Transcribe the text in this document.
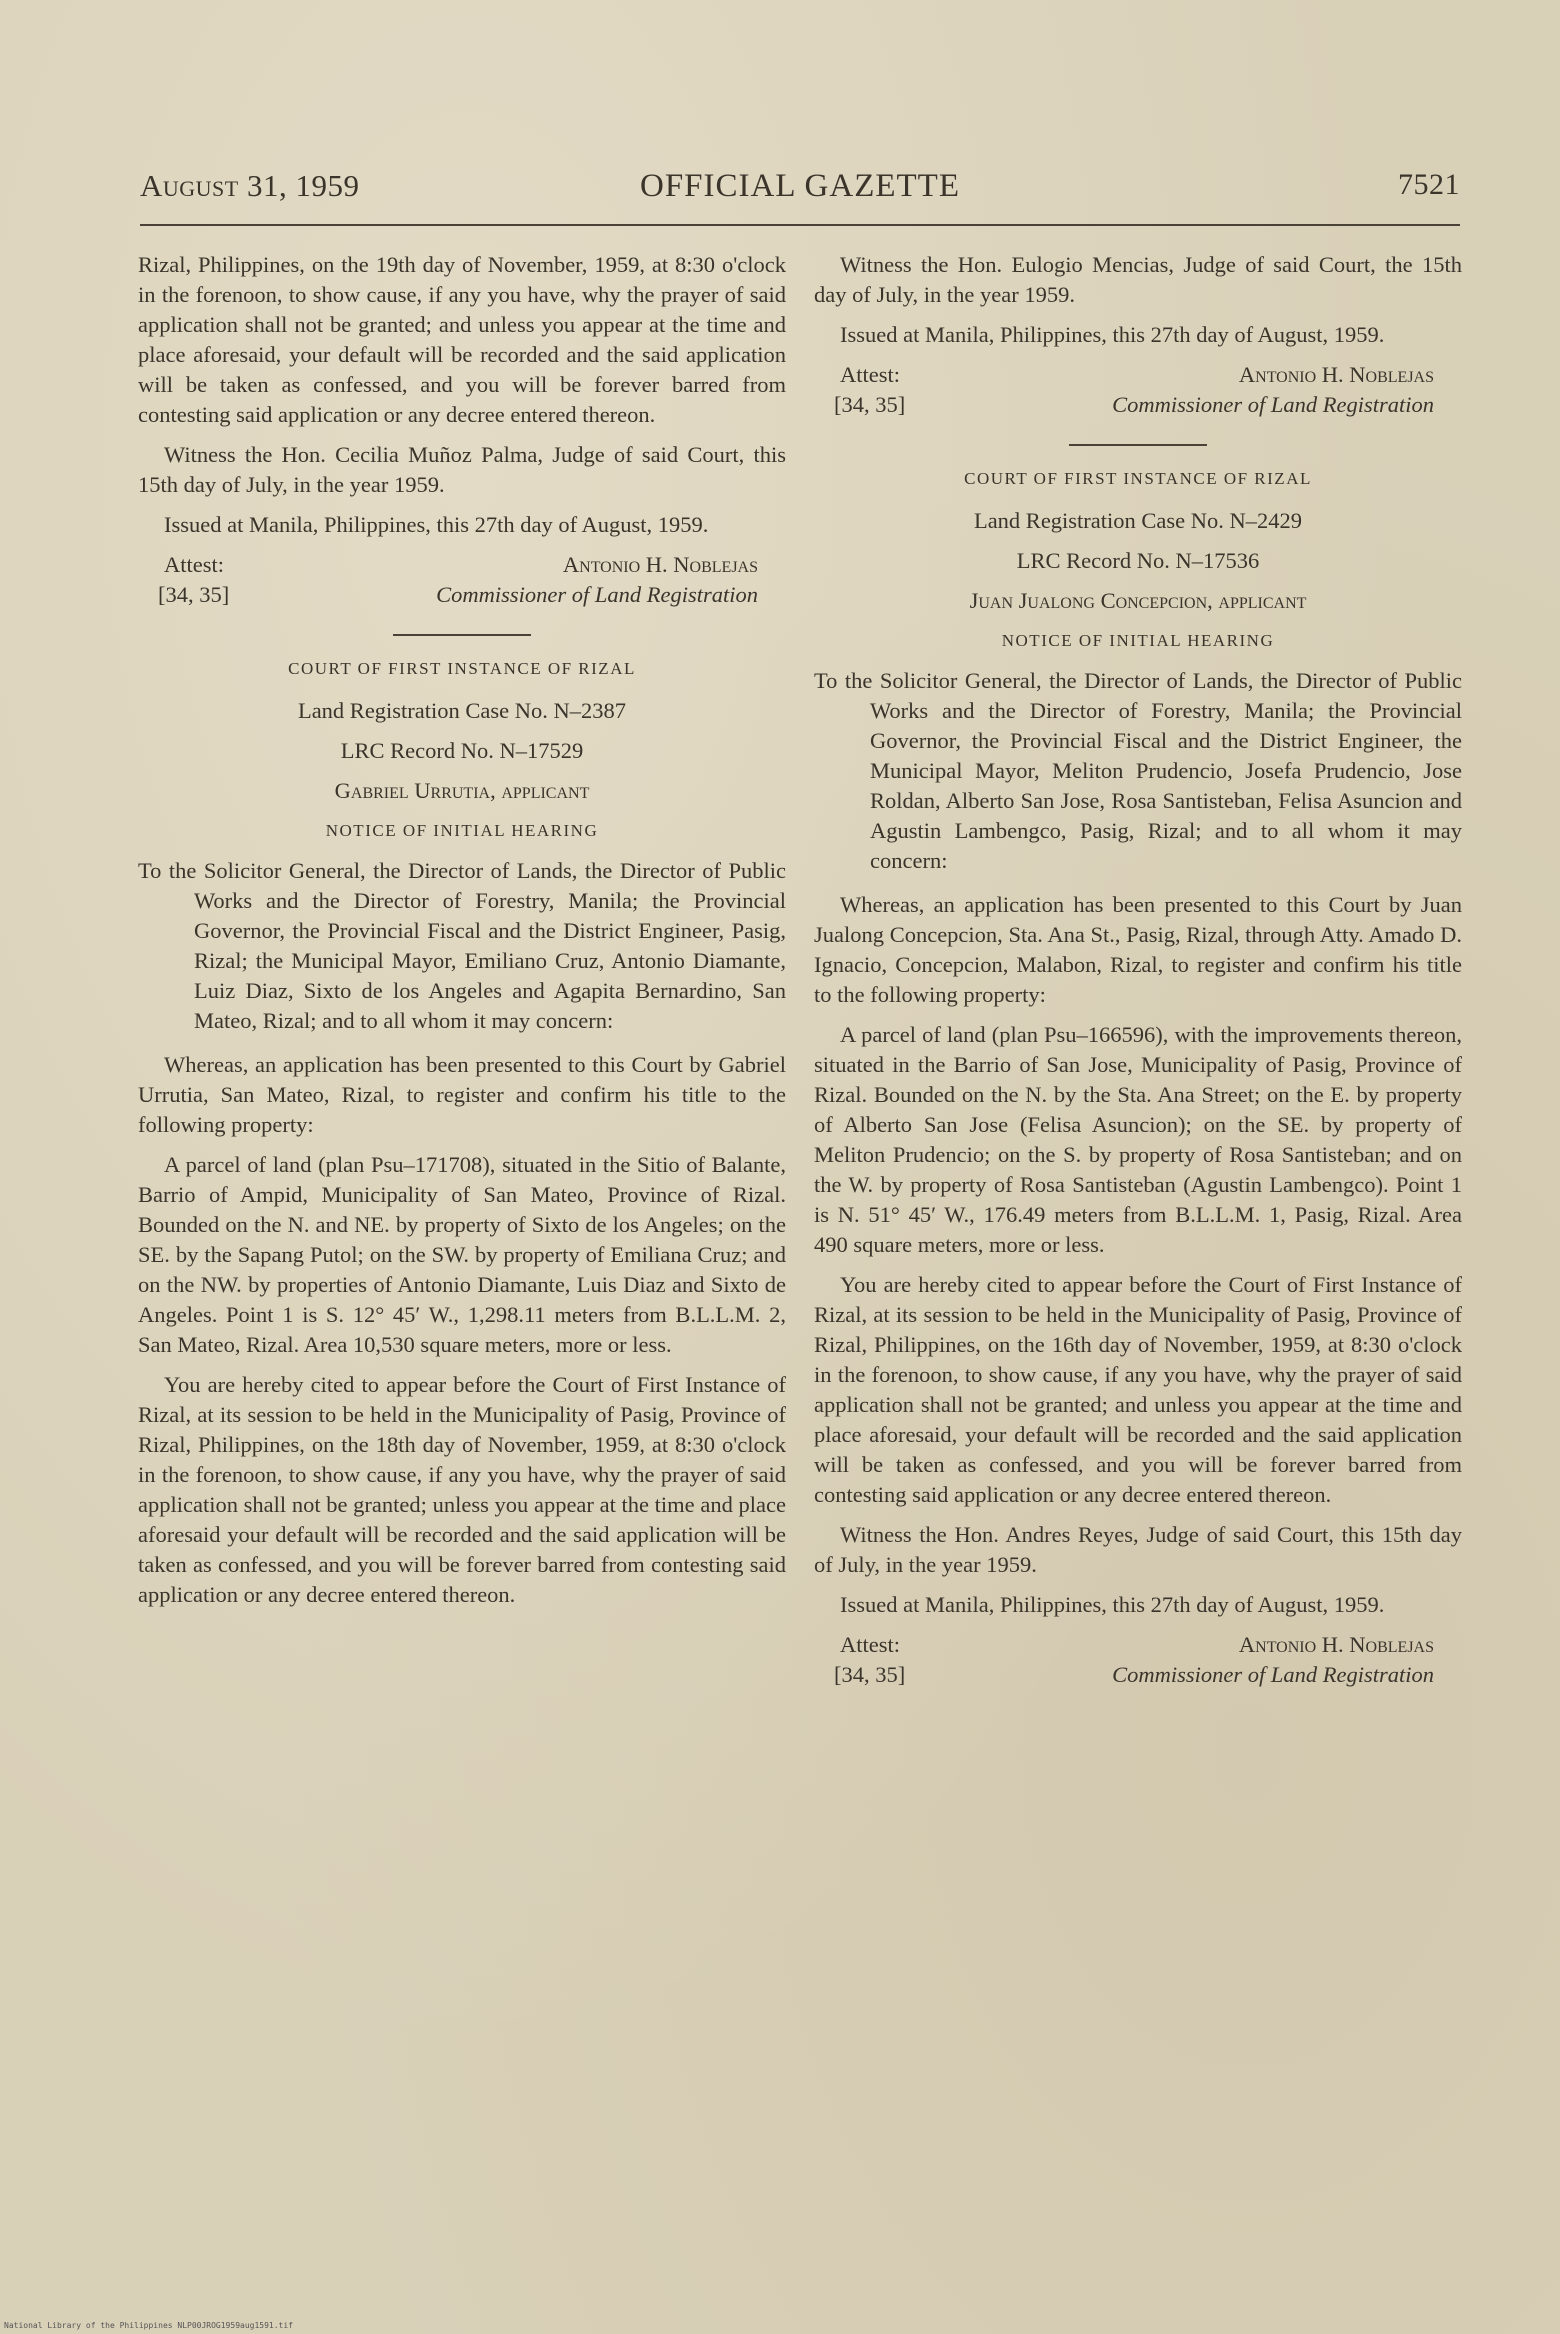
August 31, 1959	OFFICIAL GAZETTE	7521

Rizal, Philippines, on the 19th day of November, 1959, at 8:30 o'clock in the forenoon, to show cause, if any you have, why the prayer of said application shall not be granted; and unless you appear at the time and place aforesaid, your default will be recorded and the said application will be taken as confessed, and you will be forever barred from contesting said application or any decree entered thereon.

Witness the Hon. Cecilia Muñoz Palma, Judge of said Court, this 15th day of July, in the year 1959.

Issued at Manila, Philippines, this 27th day of August, 1959.

Attest:
[34, 35]
Antonio H. Noblejas
Commissioner of Land Registration
COURT OF FIRST INSTANCE OF RIZAL

Land Registration Case No. N–2387

LRC Record No. N–17529

Gabriel Urrutia, applicant

NOTICE OF INITIAL HEARING

To the Solicitor General, the Director of Lands, the Director of Public Works and the Director of Forestry, Manila; the Provincial Governor, the Provincial Fiscal and the District Engineer, Pasig, Rizal; the Municipal Mayor, Emiliano Cruz, Antonio Diamante, Luiz Diaz, Sixto de los Angeles and Agapita Bernardino, San Mateo, Rizal; and to all whom it may concern:

Whereas, an application has been presented to this Court by Gabriel Urrutia, San Mateo, Rizal, to register and confirm his title to the following property:

A parcel of land (plan Psu–171708), situated in the Sitio of Balante, Barrio of Ampid, Municipality of San Mateo, Province of Rizal. Bounded on the N. and NE. by property of Sixto de los Angeles; on the SE. by the Sapang Putol; on the SW. by property of Emiliana Cruz; and on the NW. by properties of Antonio Diamante, Luis Diaz and Sixto de Angeles. Point 1 is S. 12° 45′ W., 1,298.11 meters from B.L.L.M. 2, San Mateo, Rizal. Area 10,530 square meters, more or less.

You are hereby cited to appear before the Court of First Instance of Rizal, at its session to be held in the Municipality of Pasig, Province of Rizal, Philippines, on the 18th day of November, 1959, at 8:30 o'clock in the forenoon, to show cause, if any you have, why the prayer of said application shall not be granted; unless you appear at the time and place aforesaid your default will be recorded and the said application will be taken as confessed, and you will be forever barred from contesting said application or any decree entered thereon.

Witness the Hon. Eulogio Mencias, Judge of said Court, the 15th day of July, in the year 1959.

Issued at Manila, Philippines, this 27th day of August, 1959.

Attest:
[34, 35]
Antonio H. Noblejas
Commissioner of Land Registration
COURT OF FIRST INSTANCE OF RIZAL

Land Registration Case No. N–2429

LRC Record No. N–17536

Juan Jualong Concepcion, applicant

NOTICE OF INITIAL HEARING

To the Solicitor General, the Director of Lands, the Director of Public Works and the Director of Forestry, Manila; the Provincial Governor, the Provincial Fiscal and the District Engineer, the Municipal Mayor, Meliton Prudencio, Josefa Prudencio, Jose Roldan, Alberto San Jose, Rosa Santisteban, Felisa Asuncion and Agustin Lambengco, Pasig, Rizal; and to all whom it may concern:

Whereas, an application has been presented to this Court by Juan Jualong Concepcion, Sta. Ana St., Pasig, Rizal, through Atty. Amado D. Ignacio, Concepcion, Malabon, Rizal, to register and confirm his title to the following property:

A parcel of land (plan Psu–166596), with the improvements thereon, situated in the Barrio of San Jose, Municipality of Pasig, Province of Rizal. Bounded on the N. by the Sta. Ana Street; on the E. by property of Alberto San Jose (Felisa Asuncion); on the SE. by property of Meliton Prudencio; on the S. by property of Rosa Santisteban; and on the W. by property of Rosa Santisteban (Agustin Lambengco). Point 1 is N. 51° 45′ W., 176.49 meters from B.L.L.M. 1, Pasig, Rizal. Area 490 square meters, more or less.

You are hereby cited to appear before the Court of First Instance of Rizal, at its session to be held in the Municipality of Pasig, Province of Rizal, Philippines, on the 16th day of November, 1959, at 8:30 o'clock in the forenoon, to show cause, if any you have, why the prayer of said application shall not be granted; and unless you appear at the time and place aforesaid, your default will be recorded and the said application will be taken as confessed, and you will be forever barred from contesting said application or any decree entered thereon.

Witness the Hon. Andres Reyes, Judge of said Court, this 15th day of July, in the year 1959.

Issued at Manila, Philippines, this 27th day of August, 1959.

Attest:
[34, 35]
Antonio H. Noblejas
Commissioner of Land Registration
National Library of the Philippines NLP00JROG1959aug1591.tif
